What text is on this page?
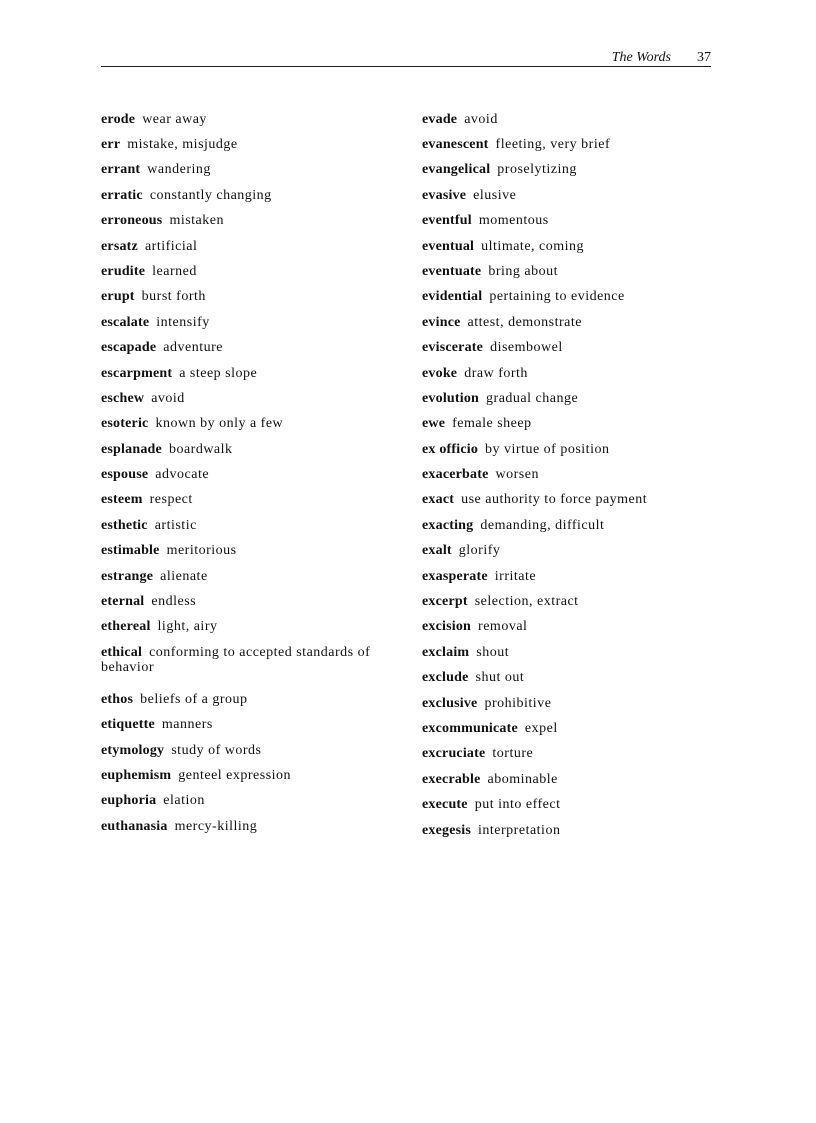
The Words 37
erode wear away
err mistake, misjudge
errant wandering
erratic constantly changing
erroneous mistaken
ersatz artificial
erudite learned
erupt burst forth
escalate intensify
escapade adventure
escarpment a steep slope
eschew avoid
esoteric known by only a few
esplanade boardwalk
espouse advocate
esteem respect
esthetic artistic
estimable meritorious
estrange alienate
eternal endless
ethereal light, airy
ethical conforming to accepted standards of behavior
ethos beliefs of a group
etiquette manners
etymology study of words
euphemism genteel expression
euphoria elation
euthanasia mercy-killing
evade avoid
evanescent fleeting, very brief
evangelical proselytizing
evasive elusive
eventful momentous
eventual ultimate, coming
eventuate bring about
evidential pertaining to evidence
evince attest, demonstrate
eviscerate disembowel
evoke draw forth
evolution gradual change
ewe female sheep
ex officio by virtue of position
exacerbate worsen
exact use authority to force payment
exacting demanding, difficult
exalt glorify
exasperate irritate
excerpt selection, extract
excision removal
exclaim shout
exclude shut out
exclusive prohibitive
excommunicate expel
excruciate torture
execrable abominable
execute put into effect
exegesis interpretation
